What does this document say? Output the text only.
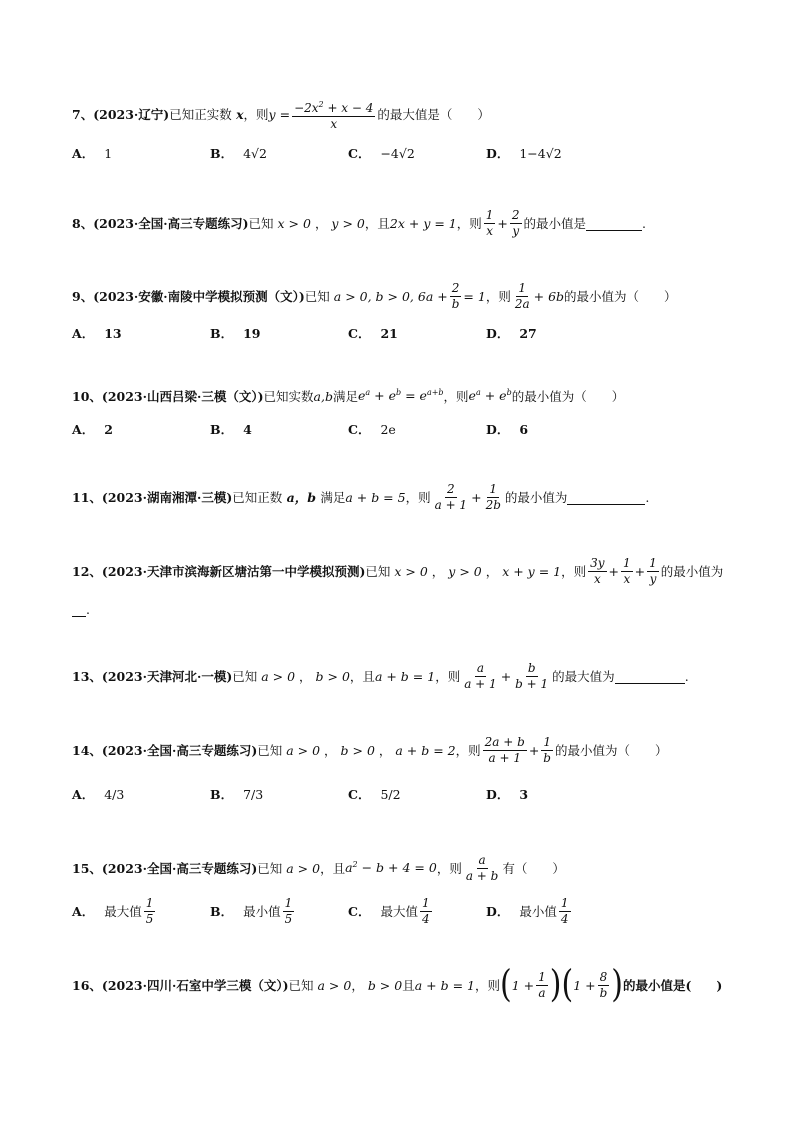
7 、 (2023·辽宁) 已知正实数 x ，则 $y = \frac{-2x^2 + x - 4}{x}$ 的最大值是（　　）
A． 1	B． 4√2	C． −4√2	D． 1−4√2
8 、 (2023·全国·高三专题练习) 已知 x > 0 ， y > 0 ，且 2x + y = 1 ，则 $\frac{1}{x} + \frac{2}{y}$ 的最小值是	.
9 、 (2023·安徽·南陵中学模拟预测（文）) 已知 a > 0, b > 0, $6a + \frac{2}{b} = 1$ ，则 $\frac{1}{2a} + 6b$ 的最小值为（　　）
A． 13	B． 19	C． 21	D． 27
10 、 (2023·山西吕梁·三模（文）) 已知实数 a,b 满足 $e^a + e^b = e^{a+b}$ ，则 $e^a + e^b$ 的最小值为（　　）
A． 2	B． 4	C． 2e	D． 6
11 、 (2023·湖南湘潭·三模) 已知正数 a，b 满足 a + b = 5 ，则 $\frac{2}{a + 1} + \frac{1}{2b}$ 的最小值为	.
12 、 (2023·天津市滨海新区塘沽第一中学模拟预测) 已知 x > 0 ， y > 0 ， x + y = 1 ，则 $\frac{3y}{x} + \frac{1}{x} + \frac{1}{y}$ 的最小值为
.
13 、 (2023·天津河北·一模) 已知 a > 0 ， b > 0 ，且 a + b = 1 ，则 $\frac{a}{a + 1} + \frac{b}{b + 1}$ 的最大值为	.
14 、 (2023·全国·高三专题练习) 已知 a > 0 ， b > 0 ， a + b = 2 ，则 $\frac{2a + b}{a + 1} + \frac{1}{b}$ 的最小值为（　　）
A． 4/3	B． 7/3	C． 5/2	D． 3
15 、 (2023·全国·高三专题练习) 已知 a > 0 ，且 $a^2 - b + 4 = 0$ ，则 $\frac{a}{a + b}$ 有（　　）
A． 最大值 $\frac{1}{5}$	B． 最小值 $\frac{1}{5}$	C． 最大值 $\frac{1}{4}$	D． 最小值 $\frac{1}{4}$
16 、 (2023·四川·石室中学三模（文）) 已知 a > 0 ， b > 0 且 a + b = 1 ，则 ( $1 + \frac{1}{a}$ ) ( $1 + \frac{8}{b}$ ) 的最小值是(　　)
